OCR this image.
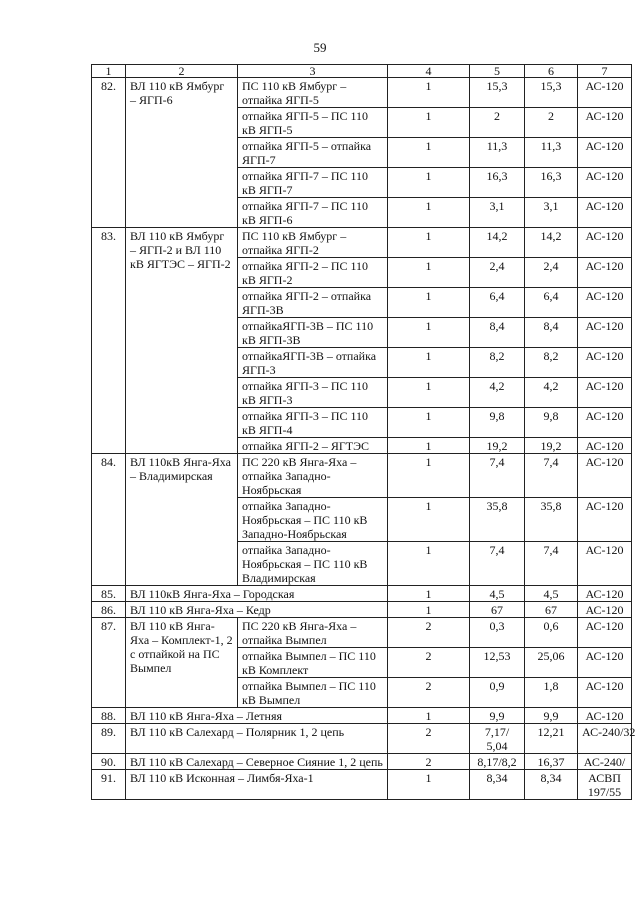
59
1	2	3	4	5	6	7
82.	ВЛ 110 кВ Ямбург – ЯГП-6	ПС 110 кВ Ямбург – отпайка ЯГП-5	1	15,3	15,3	АС-120
		отпайка ЯГП-5 – ПС 110 кВ ЯГП-5	1	2	2	АС-120
		отпайка ЯГП-5 – отпайка ЯГП-7	1	11,3	11,3	АС-120
		отпайка ЯГП-7 – ПС 110 кВ ЯГП-7	1	16,3	16,3	АС-120
		отпайка ЯГП-7 – ПС 110 кВ ЯГП-6	1	3,1	3,1	АС-120
83.	ВЛ 110 кВ Ямбург – ЯГП-2 и ВЛ 110 кВ ЯГТЭС – ЯГП-2	ПС 110 кВ Ямбург – отпайка ЯГП-2	1	14,2	14,2	АС-120
		отпайка ЯГП-2 – ПС 110 кВ ЯГП-2	1	2,4	2,4	АС-120
		отпайка ЯГП-2 – отпайка ЯГП-3В	1	6,4	6,4	АС-120
		отпайкаЯГП-3В – ПС 110 кВ ЯГП-3В	1	8,4	8,4	АС-120
		отпайкаЯГП-3В – отпайка ЯГП-3	1	8,2	8,2	АС-120
		отпайка ЯГП-3 – ПС 110 кВ ЯГП-3	1	4,2	4,2	АС-120
		отпайка ЯГП-3 – ПС 110 кВ ЯГП-4	1	9,8	9,8	АС-120
		отпайка ЯГП-2 – ЯГТЭС	1	19,2	19,2	АС-120
84.	ВЛ 110кВ Янга-Яха – Владимирская	ПС 220 кВ Янга-Яха – отпайка Западно-Ноябрьская	1	7,4	7,4	АС-120
		отпайка Западно-Ноябрьская – ПС 110 кВ Западно-Ноябрьская	1	35,8	35,8	АС-120
		отпайка Западно-Ноябрьская – ПС 110 кВ Владимирская	1	7,4	7,4	АС-120
85.	ВЛ 110кВ Янга-Яха – Городская		1	4,5	4,5	АС-120
86.	ВЛ 110 кВ Янга-Яха – Кедр		1	67	67	АС-120
87.	ВЛ 110 кВ Янга-Яха – Комплект-1, 2 с отпайкой на ПС Вымпел	ПС 220 кВ Янга-Яха – отпайка Вымпел	2	0,3	0,6	АС-120
		отпайка Вымпел – ПС 110 кВ Комплект	2	12,53	25,06	АС-120
		отпайка Вымпел – ПС 110 кВ Вымпел	2	0,9	1,8	АС-120
88.	ВЛ 110 кВ Янга-Яха – Летняя		1	9,9	9,9	АС-120
89.	ВЛ 110 кВ Салехард – Полярник 1, 2 цепь		2	7,17/ 5,04	12,21	АС-240/32
90.	ВЛ 110 кВ Салехард – Северное Сияние 1, 2 цепь		2	8,17/8,2	16,37	АС-240/
91.	ВЛ 110 кВ Исконная – Лимбя-Яха-1		1	8,34	8,34	АСВП 197/55
